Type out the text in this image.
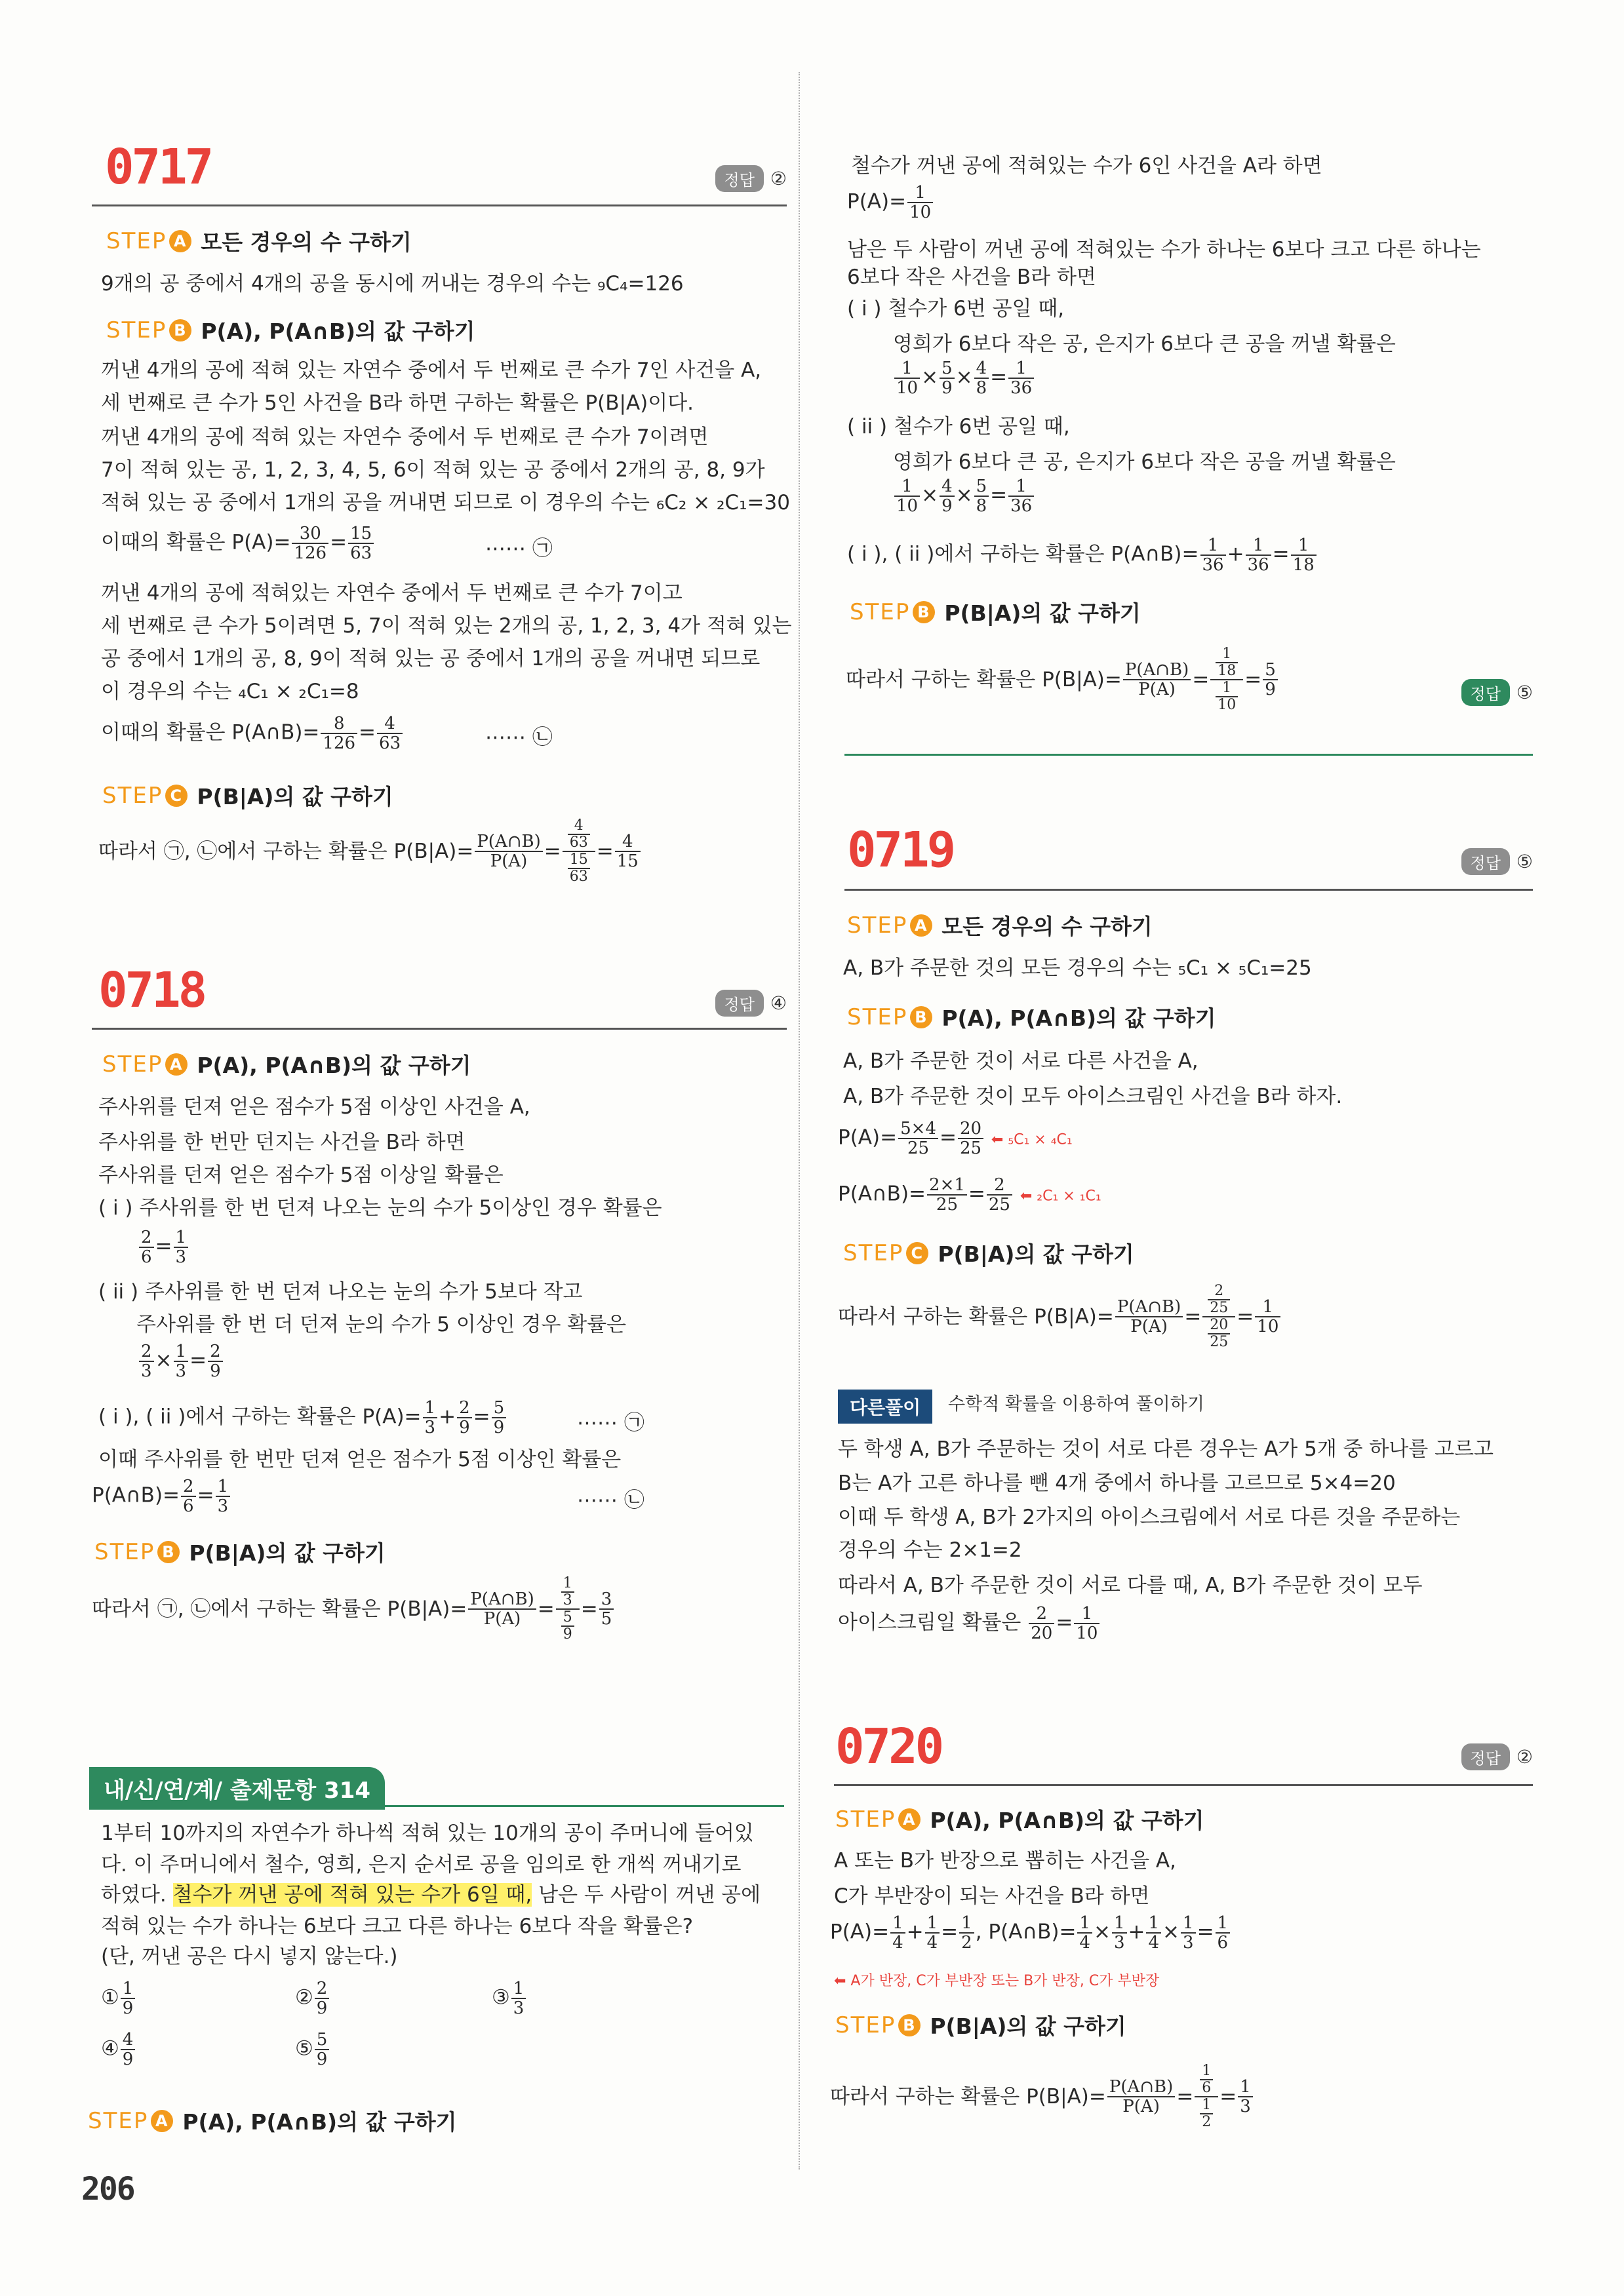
0717	정답 ②
STEP A 모든 경우의 수 구하기
9개의 공 중에서 4개의 공을 동시에 꺼내는 경우의 수는 ₉C₄=126
STEP B P(A), P(A∩B)의 값 구하기
꺼낸 4개의 공에 적혀 있는 자연수 중에서 두 번째로 큰 수가 7인 사건을 A,
세 번째로 큰 수가 5인 사건을 B라 하면 구하는 확률은 P(B|A)이다.
꺼낸 4개의 공에 적혀 있는 자연수 중에서 두 번째로 큰 수가 7이려면
7이 적혀 있는 공, 1, 2, 3, 4, 5, 6이 적혀 있는 공 중에서 2개의 공, 8, 9가
적혀 있는 공 중에서 1개의 공을 꺼내면 되므로 이 경우의 수는 ₆C₂ × ₂C₁=30
이때의 확률은 $P(A)= \frac{30}{126} = \frac{15}{63}$	⋯⋯ ㉠
꺼낸 4개의 공에 적혀있는 자연수 중에서 두 번째로 큰 수가 7이고
세 번째로 큰 수가 5이려면 5, 7이 적혀 있는 2개의 공, 1, 2, 3, 4가 적혀 있는
공 중에서 1개의 공, 8, 9이 적혀 있는 공 중에서 1개의 공을 꺼내면 되므로
이 경우의 수는 ₄C₁ × ₂C₁=8
이때의 확률은 P(A∩B)= $\frac{8}{126} = \frac{4}{63}$	⋯⋯ ㉡
STEP C P(B|A)의 값 구하기
따라서 ㉠, ㉡에서 구하는 확률은 $P(B|A)= \frac{P(A\cap B)}{P(A)} = 4$
63
15
$63 = \frac{4}{15}$
0718	정답 ④
STEP A P(A), P(A∩B)의 값 구하기
주사위를 던져 얻은 점수가 5점 이상인 사건을 A,
주사위를 한 번만 던지는 사건을 B라 하면
주사위를 던져 얻은 점수가 5점 이상일 확률은
( i ) 주사위를 한 번 던져 나오는 눈의 수가 5이상인 경우 확률은
$\frac{2}{6} = \frac{1}{3}$
( ii ) 주사위를 한 번 던져 나오는 눈의 수가 5보다 작고
주사위를 한 번 더 던져 눈의 수가 5 이상인 경우 확률은
$\frac{2}{3} \times \frac{1}{3} = \frac{2}{9}$
( i ), ( ii )에서 구하는 확률은 $P(A)= \frac{1}{3} + \frac{2}{9} = \frac{5}{9}$	⋯⋯ ㉠
이때 주사위를 한 번만 던져 얻은 점수가 5점 이상인 확률은
P(A∩B)= $\frac{2}{6} = \frac{1}{3}$	⋯⋯ ㉡
STEP B P(B|A)의 값 구하기
따라서 ㉠, ㉡에서 구하는 확률은 $P(B|A)= \frac{P(A\cap B)}{P(A)} = 1$
3
5
$9 = \frac{3}{5}$
내/신/연/계/ 출제문항 314
1부터 10까지의 자연수가 하나씩 적혀 있는 10개의 공이 주머니에 들어있
다. 이 주머니에서 철수, 영희, 은지 순서로 공을 임의로 한 개씩 꺼내기로
하였다. 철수가 꺼낸 공에 적혀 있는 수가 6일 때, 남은 두 사람이 꺼낸 공에
적혀 있는 수가 하나는 6보다 크고 다른 하나는 6보다 작을 확률은?
(단, 꺼낸 공은 다시 넣지 않는다.)
① $\frac{1}{9}$	② $\frac{2}{9}$	③ $\frac{1}{3}$
④ $\frac{4}{9}$	⑤ $\frac{5}{9}$
STEP A P(A), P(A∩B)의 값 구하기
206
철수가 꺼낸 공에 적혀있는 수가 6인 사건을 A라 하면
$P(A)= \frac{1}{10}$
남은 두 사람이 꺼낸 공에 적혀있는 수가 하나는 6보다 크고 다른 하나는
6보다 작은 사건을 B라 하면
( i ) 철수가 6번 공일 때,
영희가 6보다 작은 공, 은지가 6보다 큰 공을 꺼낼 확률은
$\frac{1}{10} \times \frac{5}{9} \times \frac{4}{8} = \frac{1}{36}$
( ii ) 철수가 6번 공일 때,
영희가 6보다 큰 공, 은지가 6보다 작은 공을 꺼낼 확률은
$\frac{1}{10} \times \frac{4}{9} \times \frac{5}{8} = \frac{1}{36}$
( i ), ( ii )에서 구하는 확률은 P(A∩B)= $\frac{1}{36} + \frac{1}{36} = \frac{1}{18}$
STEP B P(B|A)의 값 구하기
따라서 구하는 확률은 $P(B|A)= \frac{P(A\cap B)}{P(A)} = 1$
18
1
$10 = \frac{5}{9}$	정답 ⑤
0719	정답 ⑤
STEP A 모든 경우의 수 구하기
A, B가 주문한 것의 모든 경우의 수는 ₅C₁ × ₅C₁=25
STEP B P(A), P(A∩B)의 값 구하기
A, B가 주문한 것이 서로 다른 사건을 A,
A, B가 주문한 것이 모두 아이스크림인 사건을 B라 하자.
$P(A)= \frac{5\times 4}{25} = \frac{20}{25}$ ⬅ ₅C₁ × ₄C₁
P(A∩B)= $\frac{2\times 1}{25} = \frac{2}{25}$ ⬅ ₂C₁ × ₁C₁
STEP C P(B|A)의 값 구하기
따라서 구하는 확률은 $P(B|A)= \frac{P(A\cap B)}{P(A)} = 2$
25
20
$25 = \frac{1}{10}$
다른풀이	수학적 확률을 이용하여 풀이하기
두 학생 A, B가 주문하는 것이 서로 다른 경우는 A가 5개 중 하나를 고르고
B는 A가 고른 하나를 뺀 4개 중에서 하나를 고르므로 5×4=20
이때 두 학생 A, B가 2가지의 아이스크림에서 서로 다른 것을 주문하는
경우의 수는 2×1=2
따라서 A, B가 주문한 것이 서로 다를 때, A, B가 주문한 것이 모두
아이스크림일 확률은 $\frac{2}{20} = \frac{1}{10}$
0720	정답 ②
STEP A P(A), P(A∩B)의 값 구하기
A 또는 B가 반장으로 뽑히는 사건을 A,
C가 부반장이 되는 사건을 B라 하면
$P(A)= \frac{1}{4} + \frac{1}{4} = \frac{1}{2}$ , P(A∩B)= $\frac{1}{4} \times \frac{1}{3} + \frac{1}{4} \times \frac{1}{3} = \frac{1}{6}$
⬅ A가 반장, C가 부반장 또는 B가 반장, C가 부반장
STEP B P(B|A)의 값 구하기
따라서 구하는 확률은 $P(B|A)= \frac{P(A\cap B)}{P(A)} = 1$
6
1
$2 = \frac{1}{3}$
